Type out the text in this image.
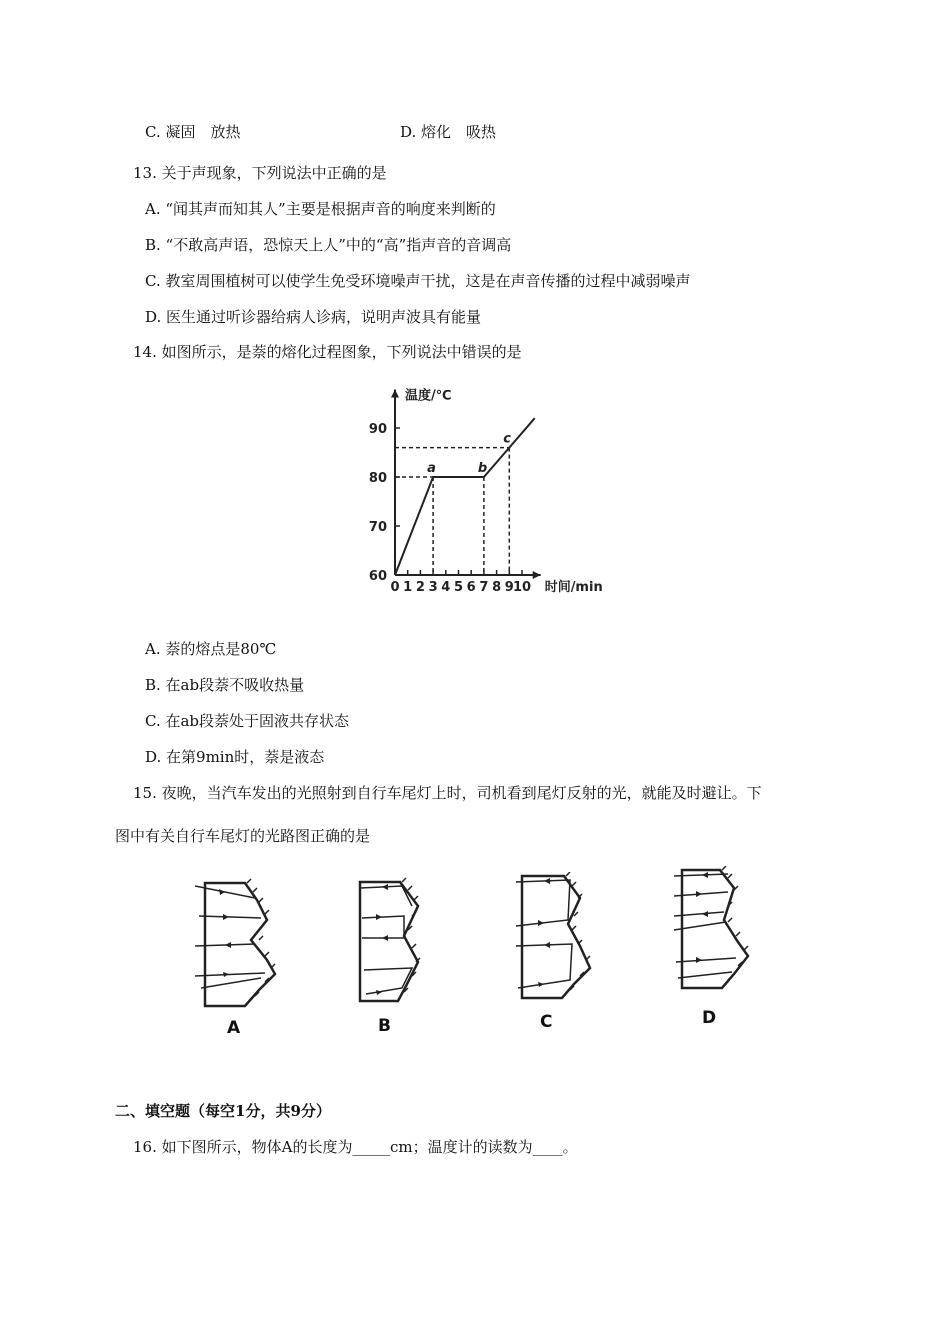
C. 凝固　放热	D. 熔化　吸热
13. 关于声现象，下列说法中正确的是
A. “闻其声而知其人”主要是根据声音的响度来判断的
B. “不敢高声语，恐惊天上人”中的“高”指声音的音调高
C. 教室周围植树可以使学生免受环境噪声干扰，这是在声音传播的过程中减弱噪声
D. 医生通过听诊器给病人诊病，说明声波具有能量
14. 如图所示，是萘的熔化过程图象，下列说法中错误的是
0 1 2 3 4 5 6 7 8 9 10
60
70
80
90
温度/℃
时间/min
a	b
c
A. 萘的熔点是80℃
B. 在ab段萘不吸收热量
C. 在ab段萘处于固液共存状态
D. 在第9min时，萘是液态
15. 夜晚，当汽车发出的光照射到自行车尾灯上时，司机看到尾灯反射的光，就能及时避让。下
图中有关自行车尾灯的光路图正确的是
A	B	C	D
二、填空题（每空1分，共9分）
16. 如下图所示，物体A的长度为_____cm；温度计的读数为____。
